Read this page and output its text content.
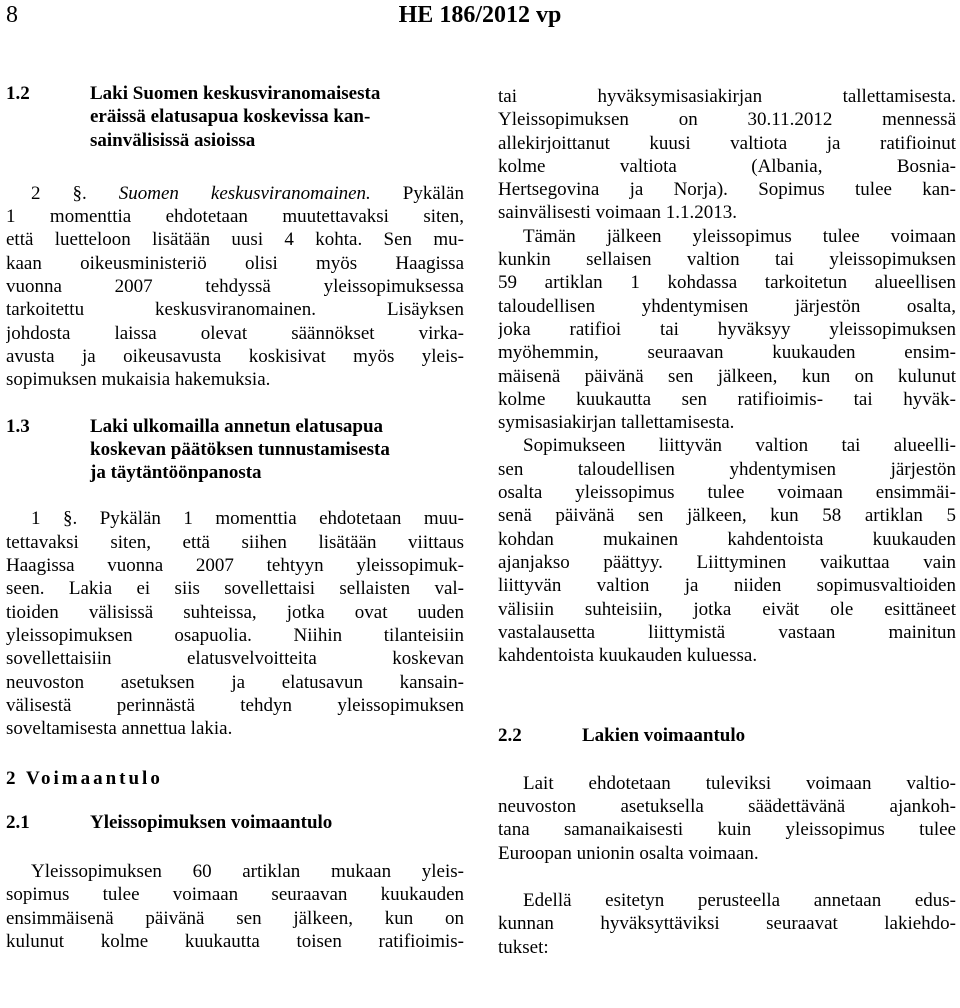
8	HE 186/2012 vp
1.2	Laki Suomen keskusviranomaisesta
eräissä elatusapua koskevissa kan-
sainvälisissä asioissa
2 §. Suomen keskusviranomainen. Pykälän
1 momenttia ehdotetaan muutettavaksi siten,
että luetteloon lisätään uusi 4 kohta. Sen mu-
kaan oikeusministeriö olisi myös Haagissa
vuonna 2007 tehdyssä yleissopimuksessa
tarkoitettu keskusviranomainen. Lisäyksen
johdosta laissa olevat säännökset virka-
avusta ja oikeusavusta koskisivat myös yleis-
sopimuksen mukaisia hakemuksia.
1.3	Laki ulkomailla annetun elatusapua
koskevan päätöksen tunnustamisesta
ja täytäntöönpanosta
1 §. Pykälän 1 momenttia ehdotetaan muu-
tettavaksi siten, että siihen lisätään viittaus
Haagissa vuonna 2007 tehtyyn yleissopimuk-
seen. Lakia ei siis sovellettaisi sellaisten val-
tioiden välisissä suhteissa, jotka ovat uuden
yleissopimuksen osapuolia. Niihin tilanteisiin
sovellettaisiin elatusvelvoitteita koskevan
neuvoston asetuksen ja elatusavun kansain-
välisestä perinnästä tehdyn yleissopimuksen
soveltamisesta annettua lakia.
2 Voimaantulo
2.1	Yleissopimuksen voimaantulo
Yleissopimuksen 60 artiklan mukaan yleis-
sopimus tulee voimaan seuraavan kuukauden
ensimmäisenä päivänä sen jälkeen, kun on
kulunut kolme kuukautta toisen ratifioimis-
tai hyväksymisasiakirjan tallettamisesta.
Yleissopimuksen on 30.11.2012 mennessä
allekirjoittanut kuusi valtiota ja ratifioinut
kolme valtiota (Albania, Bosnia-
Hertsegovina ja Norja). Sopimus tulee kan-
sainvälisesti voimaan 1.1.2013.
Tämän jälkeen yleissopimus tulee voimaan
kunkin sellaisen valtion tai yleissopimuksen
59 artiklan 1 kohdassa tarkoitetun alueellisen
taloudellisen yhdentymisen järjestön osalta,
joka ratifioi tai hyväksyy yleissopimuksen
myöhemmin, seuraavan kuukauden ensim-
mäisenä päivänä sen jälkeen, kun on kulunut
kolme kuukautta sen ratifioimis- tai hyväk-
symisasiakirjan tallettamisesta.
Sopimukseen liittyvän valtion tai alueelli-
sen taloudellisen yhdentymisen järjestön
osalta yleissopimus tulee voimaan ensimmäi-
senä päivänä sen jälkeen, kun 58 artiklan 5
kohdan mukainen kahdentoista kuukauden
ajanjakso päättyy. Liittyminen vaikuttaa vain
liittyvän valtion ja niiden sopimusvaltioiden
välisiin suhteisiin, jotka eivät ole esittäneet
vastalausetta liittymistä vastaan mainitun
kahdentoista kuukauden kuluessa.
2.2	Lakien voimaantulo
Lait ehdotetaan tuleviksi voimaan valtio-
neuvoston asetuksella säädettävänä ajankoh-
tana samanaikaisesti kuin yleissopimus tulee
Euroopan unionin osalta voimaan.
Edellä esitetyn perusteella annetaan edus-
kunnan hyväksyttäviksi seuraavat lakiehdo-
tukset:
